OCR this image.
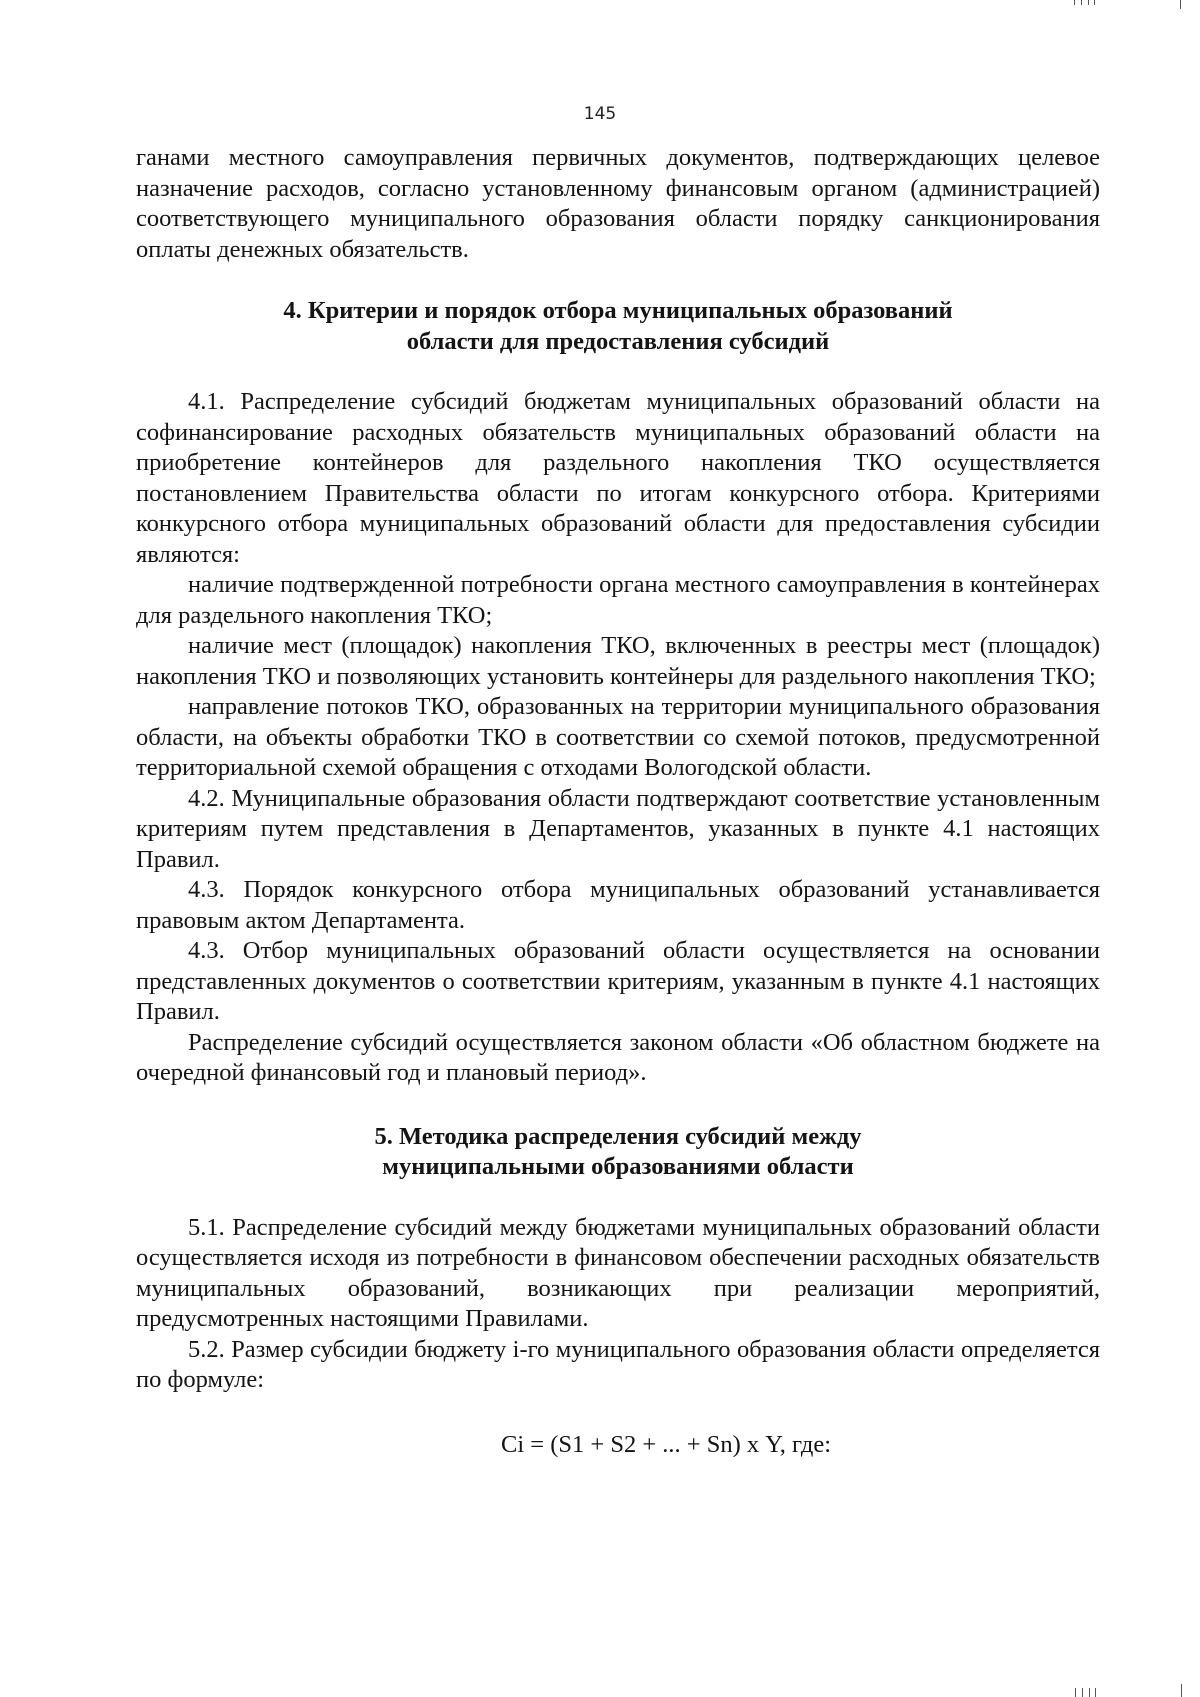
145

ганами местного самоуправления первичных документов, подтверждающих целевое назначение расходов, согласно установленному финансовым органом (администрацией) соответствующего муниципального образования области порядку санкционирования оплаты денежных обязательств.

4. Критерии и порядок отбора муниципальных образований
области для предоставления субсидий

4.1. Распределение субсидий бюджетам муниципальных образований области на софинансирование расходных обязательств муниципальных образований области на приобретение контейнеров для раздельного накопления ТКО осуществляется постановлением Правительства области по итогам конкурсного отбора. Критериями конкурсного отбора муниципальных образований области для предоставления субсидии являются:

наличие подтвержденной потребности органа местного самоуправления в контейнерах для раздельного накопления ТКО;

наличие мест (площадок) накопления ТКО, включенных в реестры мест (площадок) накопления ТКО и позволяющих установить контейнеры для раздельного накопления ТКО;

направление потоков ТКО, образованных на территории муниципального образования области, на объекты обработки ТКО в соответствии со схемой потоков, предусмотренной территориальной схемой обращения с отходами Вологодской области.

4.2. Муниципальные образования области подтверждают соответствие установленным критериям путем представления в Департаментов, указанных в пункте 4.1 настоящих Правил.

4.3. Порядок конкурсного отбора муниципальных образований устанавливается правовым актом Департамента.

4.3. Отбор муниципальных образований области осуществляется на основании представленных документов о соответствии критериям, указанным в пункте 4.1 настоящих Правил.

Распределение субсидий осуществляется законом области «Об областном бюджете на очередной финансовый год и плановый период».

5. Методика распределения субсидий между
муниципальными образованиями области

5.1. Распределение субсидий между бюджетами муниципальных образований области осуществляется исходя из потребности в финансовом обеспечении расходных обязательств муниципальных образований, возникающих при реализации мероприятий, предусмотренных настоящими Правилами.

5.2. Размер субсидии бюджету i-го муниципального образования области определяется по формуле:

Ci = (S1 + S2 + ... + Sn) х Y, где:
